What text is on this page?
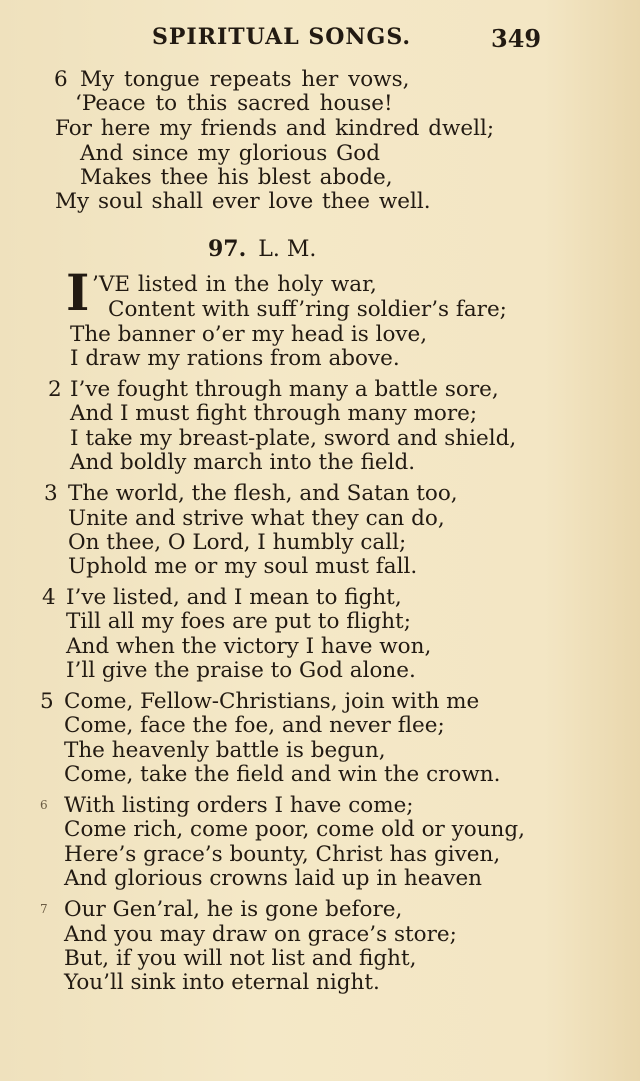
SPIRITUAL SONGS.	349
6 My tongue repeats her vows,
‘Peace to this sacred house!
For here my friends and kindred dwell;
And since my glorious God
Makes thee his blest abode,
My soul shall ever love thee well.
97. L. M.
I ’VE listed in the holy war,
Content with suff’ring soldier’s fare;
The banner o’er my head is love,
I draw my rations from above.
2 I’ve fought through many a battle sore,
And I must fight through many more;
I take my breast-plate, sword and shield,
And boldly march into the field.
3 The world, the flesh, and Satan too,
Unite and strive what they can do,
On thee, O Lord, I humbly call;
Uphold me or my soul must fall.
4 I’ve listed, and I mean to fight,
Till all my foes are put to flight;
And when the victory I have won,
I’ll give the praise to God alone.
5 Come, Fellow-Christians, join with me
Come, face the foe, and never flee;
The heavenly battle is begun,
Come, take the field and win the crown.
6 With listing orders I have come;
Come rich, come poor, come old or young,
Here’s grace’s bounty, Christ has given,
And glorious crowns laid up in heaven
7 Our Gen’ral, he is gone before,
And you may draw on grace’s store;
But, if you will not list and fight,
You’ll sink into eternal night.
